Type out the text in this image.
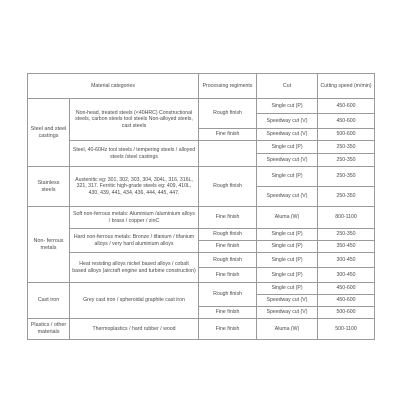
Material categories		Processing regiments	Cut	Cutting speed (m/min)
Steel and steel castings	Non-head, treated steels (<40HRC) Constructional steels, carbon steels tool steels Non-alloyed steels, cast steels	Rough finish	Single cut (P)	450-600
			Speedway cut (V)	450-600
		Fine finish	Speedway cut (V)	500-600
	Steel, 40-60Hz tool steels / tempering steels / alloyed steels /steel castings		Single cut (P)	250-350
			Speedway cut (V)	250-350
Stainless steels	Austenitic eg: 301, 302, 303, 304, 304L, 316, 316L, 321, 317. Ferritic high-grade steels eg: 409, 410L, 430, 439, 441, 434, 436, 444, 445, 447.	Rough finish	Single cut (P)	250-350
			Speedway cut (V)	250-350
Non- ferrous metals	Soft non-ferrous metals: Aluminium /aluminium alloys / brass / copper / zinC	Fine finish	Aluma (W)	800-1100
	Hard non-ferrous metals: Bronze / tifanium / tifanium alloys / very hard aluminium alloys	Rough finish	Single cut (P)	250-350
		Fine finish	Single cut (P)	350-450
	Heat resisting alloys nickel based alloys / cobalt based alloys (aircraft engine and turbine construction)	Rough finish	Single cut (P)	300-450
		Fine finish	Single cut (P)	300-450
Cast iron	Grey cast iron / spheroidal graphite cast iron	Rough finish	Single cut (P)	450-600
			Speedway cut (V)	450-600
		Fine finish	Speedway cut (V)	500-600
Plastics / other materials	Thermoplastics / hard rubber / wood	Fine finish	Aluma (W)	500-1100
